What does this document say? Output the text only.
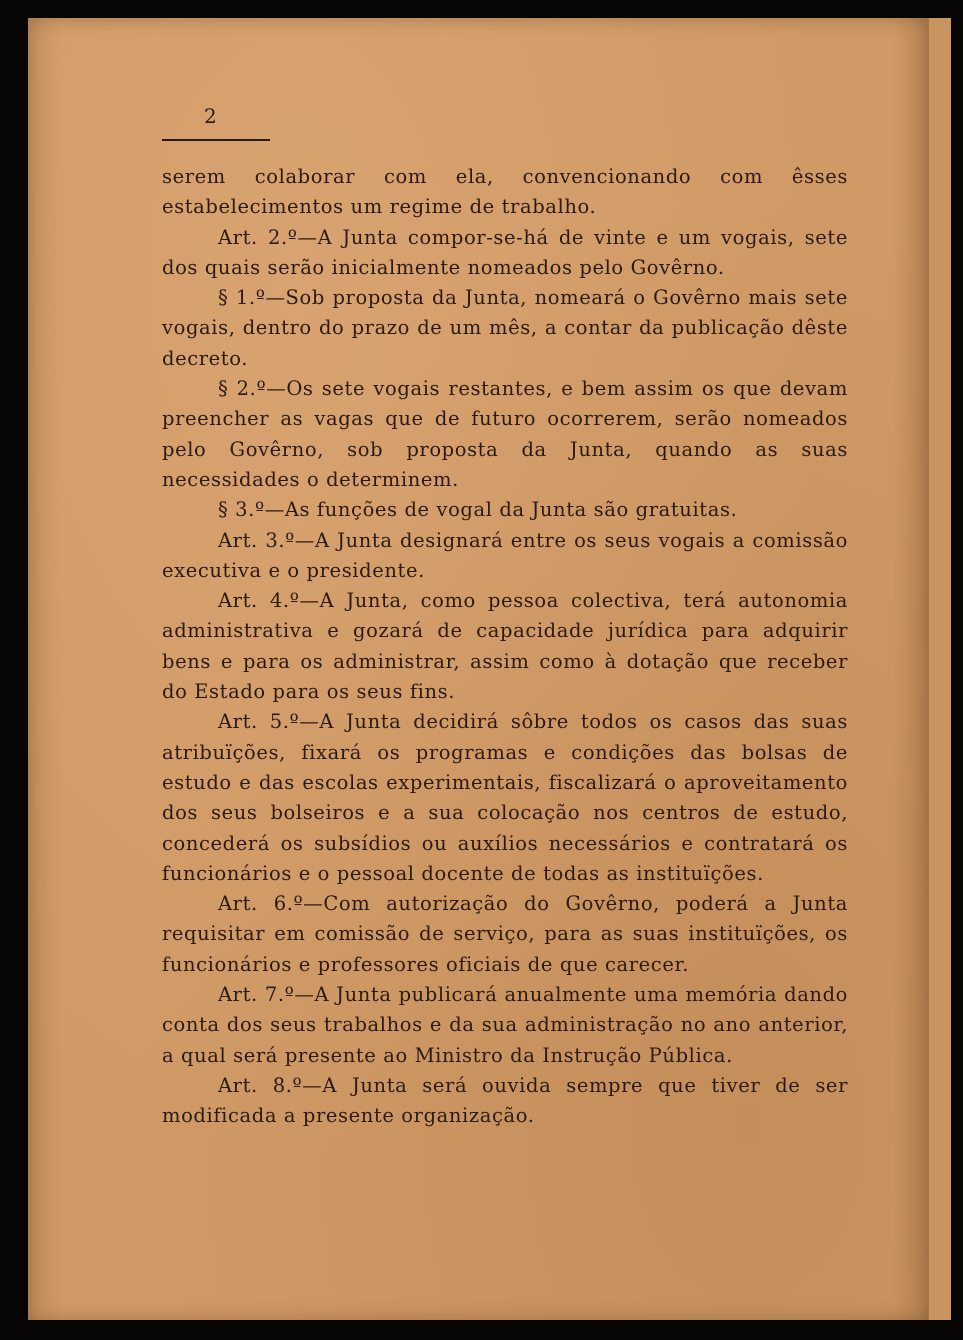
2

serem colaborar com ela, convencionando com êsses estabelecimentos um regime de trabalho.

Art. 2.º—A Junta compor-se-há de vinte e um vogais, sete dos quais serão inicialmente nomeados pelo Govêrno.

§ 1.º—Sob proposta da Junta, nomeará o Govêrno mais sete vogais, dentro do prazo de um mês, a contar da publicação dêste decreto.

§ 2.º—Os sete vogais restantes, e bem assim os que devam preencher as vagas que de futuro ocorrerem, serão nomeados pelo Govêrno, sob proposta da Junta, quando as suas necessidades o determinem.

§ 3.º—As funções de vogal da Junta são gratuitas.

Art. 3.º—A Junta designará entre os seus vogais a comissão executiva e o presidente.

Art. 4.º—A Junta, como pessoa colectiva, terá autonomia administrativa e gozará de capacidade jurídica para adquirir bens e para os administrar, assim como à dotação que receber do Estado para os seus fins.

Art. 5.º—A Junta decidirá sôbre todos os casos das suas atribuïções, fixará os programas e condições das bolsas de estudo e das escolas experimentais, fiscalizará o aproveitamento dos seus bolseiros e a sua colocação nos centros de estudo, concederá os subsídios ou auxílios necessários e contratará os funcionários e o pessoal docente de todas as instituïções.

Art. 6.º—Com autorização do Govêrno, poderá a Junta requisitar em comissão de serviço, para as suas instituïções, os funcionários e professores oficiais de que carecer.

Art. 7.º—A Junta publicará anualmente uma memória dando conta dos seus trabalhos e da sua administração no ano anterior, a qual será presente ao Ministro da Instrução Pública.

Art. 8.º—A Junta será ouvida sempre que tiver de ser modificada a presente organização.
